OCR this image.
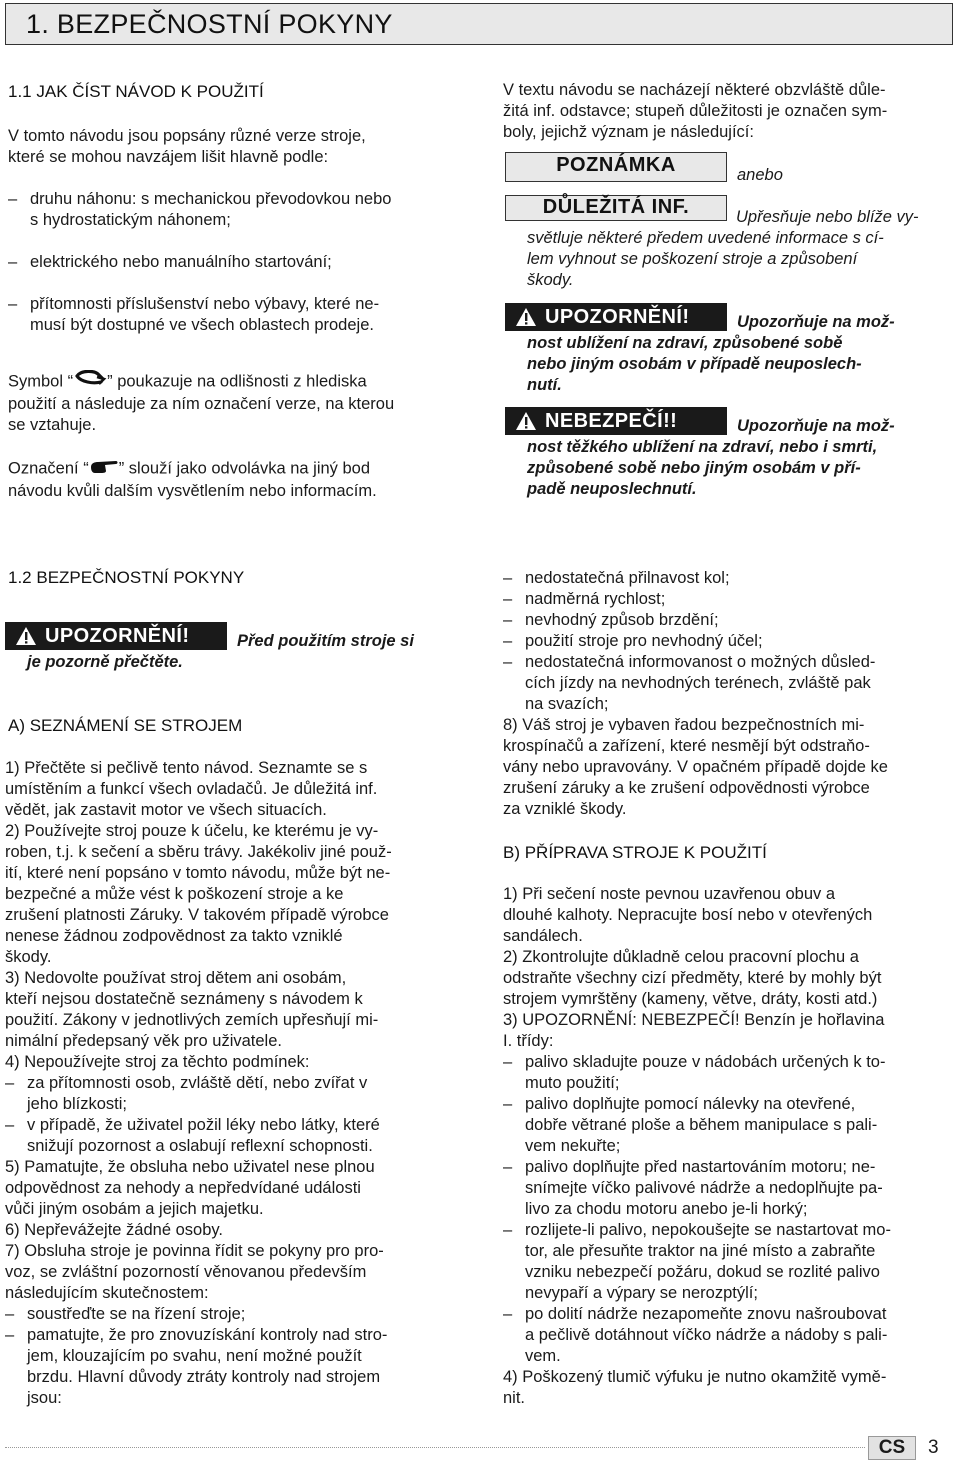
1. BEZPEČNOSTNÍ POKYNY
1.1 JAK ČÍST NÁVOD K POUŽITÍ
V tomto návodu jsou popsány různé verze stroje,
které se mohou navzájem lišit hlavně podle:
– druhu náhonu: s mechanickou převodovkou nebo
s hydrostatickým náhonem;
– elektrického nebo manuálního startování;
– přítomnosti příslušenství nebo výbavy, které ne-
musí být dostupné ve všech oblastech prodeje.
Symbol “ ” poukazuje na odlišnosti z hlediska
použití a následuje za ním označení verze, na kterou
se vztahuje.
Označení “ ” slouží jako odvolávka na jiný bod
návodu kvůli dalším vysvětlením nebo informacím.
V textu návodu se nacházejí některé obzvláště důle-
žitá inf. odstavce; stupeň důležitosti je označen sym-
boly, jejichž význam je následující:
POZNÁMKA	anebo
DŮLEŽITÁ INF.	Upřesňuje nebo blíže vy-
světluje některé předem uvedené informace s cí-
lem vyhnout se poškození stroje a způsobení
škody.
UPOZORNĚNÍ!	Upozorňuje na mož-
nost ublížení na zdraví, způsobené sobě
nebo jiným osobám v případě neuposlech-
nutí.
NEBEZPEČÍ!!	Upozorňuje na mož-
nost těžkého ublížení na zdraví, nebo i smrti,
způsobené sobě nebo jiným osobám v pří-
padě neuposlechnutí.
1.2 BEZPEČNOSTNÍ POKYNY
UPOZORNĚNÍ!	Před použitím stroje si
je pozorně přečtěte.
A) SEZNÁMENÍ SE STROJEM
1) Přečtěte si pečlivě tento návod. Seznamte se s
umístěním a funkcí všech ovladačů. Je důležitá inf.
vědět, jak zastavit motor ve všech situacích.
2) Používejte stroj pouze k účelu, ke kterému je vy-
roben, t.j. k sečení a sběru trávy. Jakékoliv jiné použ-
ití, které není popsáno v tomto návodu, může být ne-
bezpečné a může vést k poškození stroje a ke
zrušení platnosti Záruky. V takovém případě výrobce
nenese žádnou zodpovědnost za takto vzniklé
škody.
3) Nedovolte používat stroj dětem ani osobám,
kteří nejsou dostatečně seznámeny s návodem k
použití. Zákony v jednotlivých zemích upřesňují mi-
nimální předepsaný věk pro uživatele.
4) Nepoužívejte stroj za těchto podmínek:
– za přítomnosti osob, zvláště dětí, nebo zvířat v
jeho blízkosti;
– v případě, že uživatel požil léky nebo látky, které
snižují pozornost a oslabují reflexní schopnosti.
5) Pamatujte, že obsluha nebo uživatel nese plnou
odpovědnost za nehody a nepředvídané události
vůči jiným osobám a jejich majetku.
6) Nepřevážejte žádné osoby.
7) Obsluha stroje je povinna řídit se pokyny pro pro-
voz, se zvláštní pozorností věnovanou především
následujícím skutečnostem:
– soustřeďte se na řízení stroje;
– pamatujte, že pro znovuzískání kontroly nad stro-
jem, klouzajícím po svahu, není možné použít
brzdu. Hlavní důvody ztráty kontroly nad strojem
jsou:
– nedostatečná přilnavost kol;
– nadměrná rychlost;
– nevhodný způsob brzdění;
– použití stroje pro nevhodný účel;
– nedostatečná informovanost o možných důsled-
cích jízdy na nevhodných terénech, zvláště pak
na svazích;
8) Váš stroj je vybaven řadou bezpečnostních mi-
krospínačů a zařízení, které nesmějí být odstraňo-
vány nebo upravovány. V opačném případě dojde ke
zrušení záruky a ke zrušení odpovědnosti výrobce
za vzniklé škody.
B) PŘÍPRAVA STROJE K POUŽITÍ
1) Při sečení noste pevnou uzavřenou obuv a
dlouhé kalhoty. Nepracujte bosí nebo v otevřených
sandálech.
2) Zkontrolujte důkladně celou pracovní plochu a
odstraňte všechny cizí předměty, které by mohly být
strojem vymrštěny (kameny, větve, dráty, kosti atd.)
3) UPOZORNĚNÍ: NEBEZPEČÍ! Benzín je hořlavina
I. třídy:
– palivo skladujte pouze v nádobách určených k to-
muto použití;
– palivo doplňujte pomocí nálevky na otevřené,
dobře větrané ploše a během manipulace s pali-
vem nekuřte;
– palivo doplňujte před nastartováním motoru; ne-
snímejte víčko palivové nádrže a nedoplňujte pa-
livo za chodu motoru anebo je-li horký;
– rozlijete-li palivo, nepokoušejte se nastartovat mo-
tor, ale přesuňte traktor na jiné místo a zabraňte
vzniku nebezpečí požáru, dokud se rozlité palivo
nevypaří a výpary se nerozptýlí;
– po dolití nádrže nezapomeňte znovu našroubovat
a pečlivě dotáhnout víčko nádrže a nádoby s pali-
vem.
4) Poškozený tlumič výfuku je nutno okamžitě vymě-
nit.
CS	3
